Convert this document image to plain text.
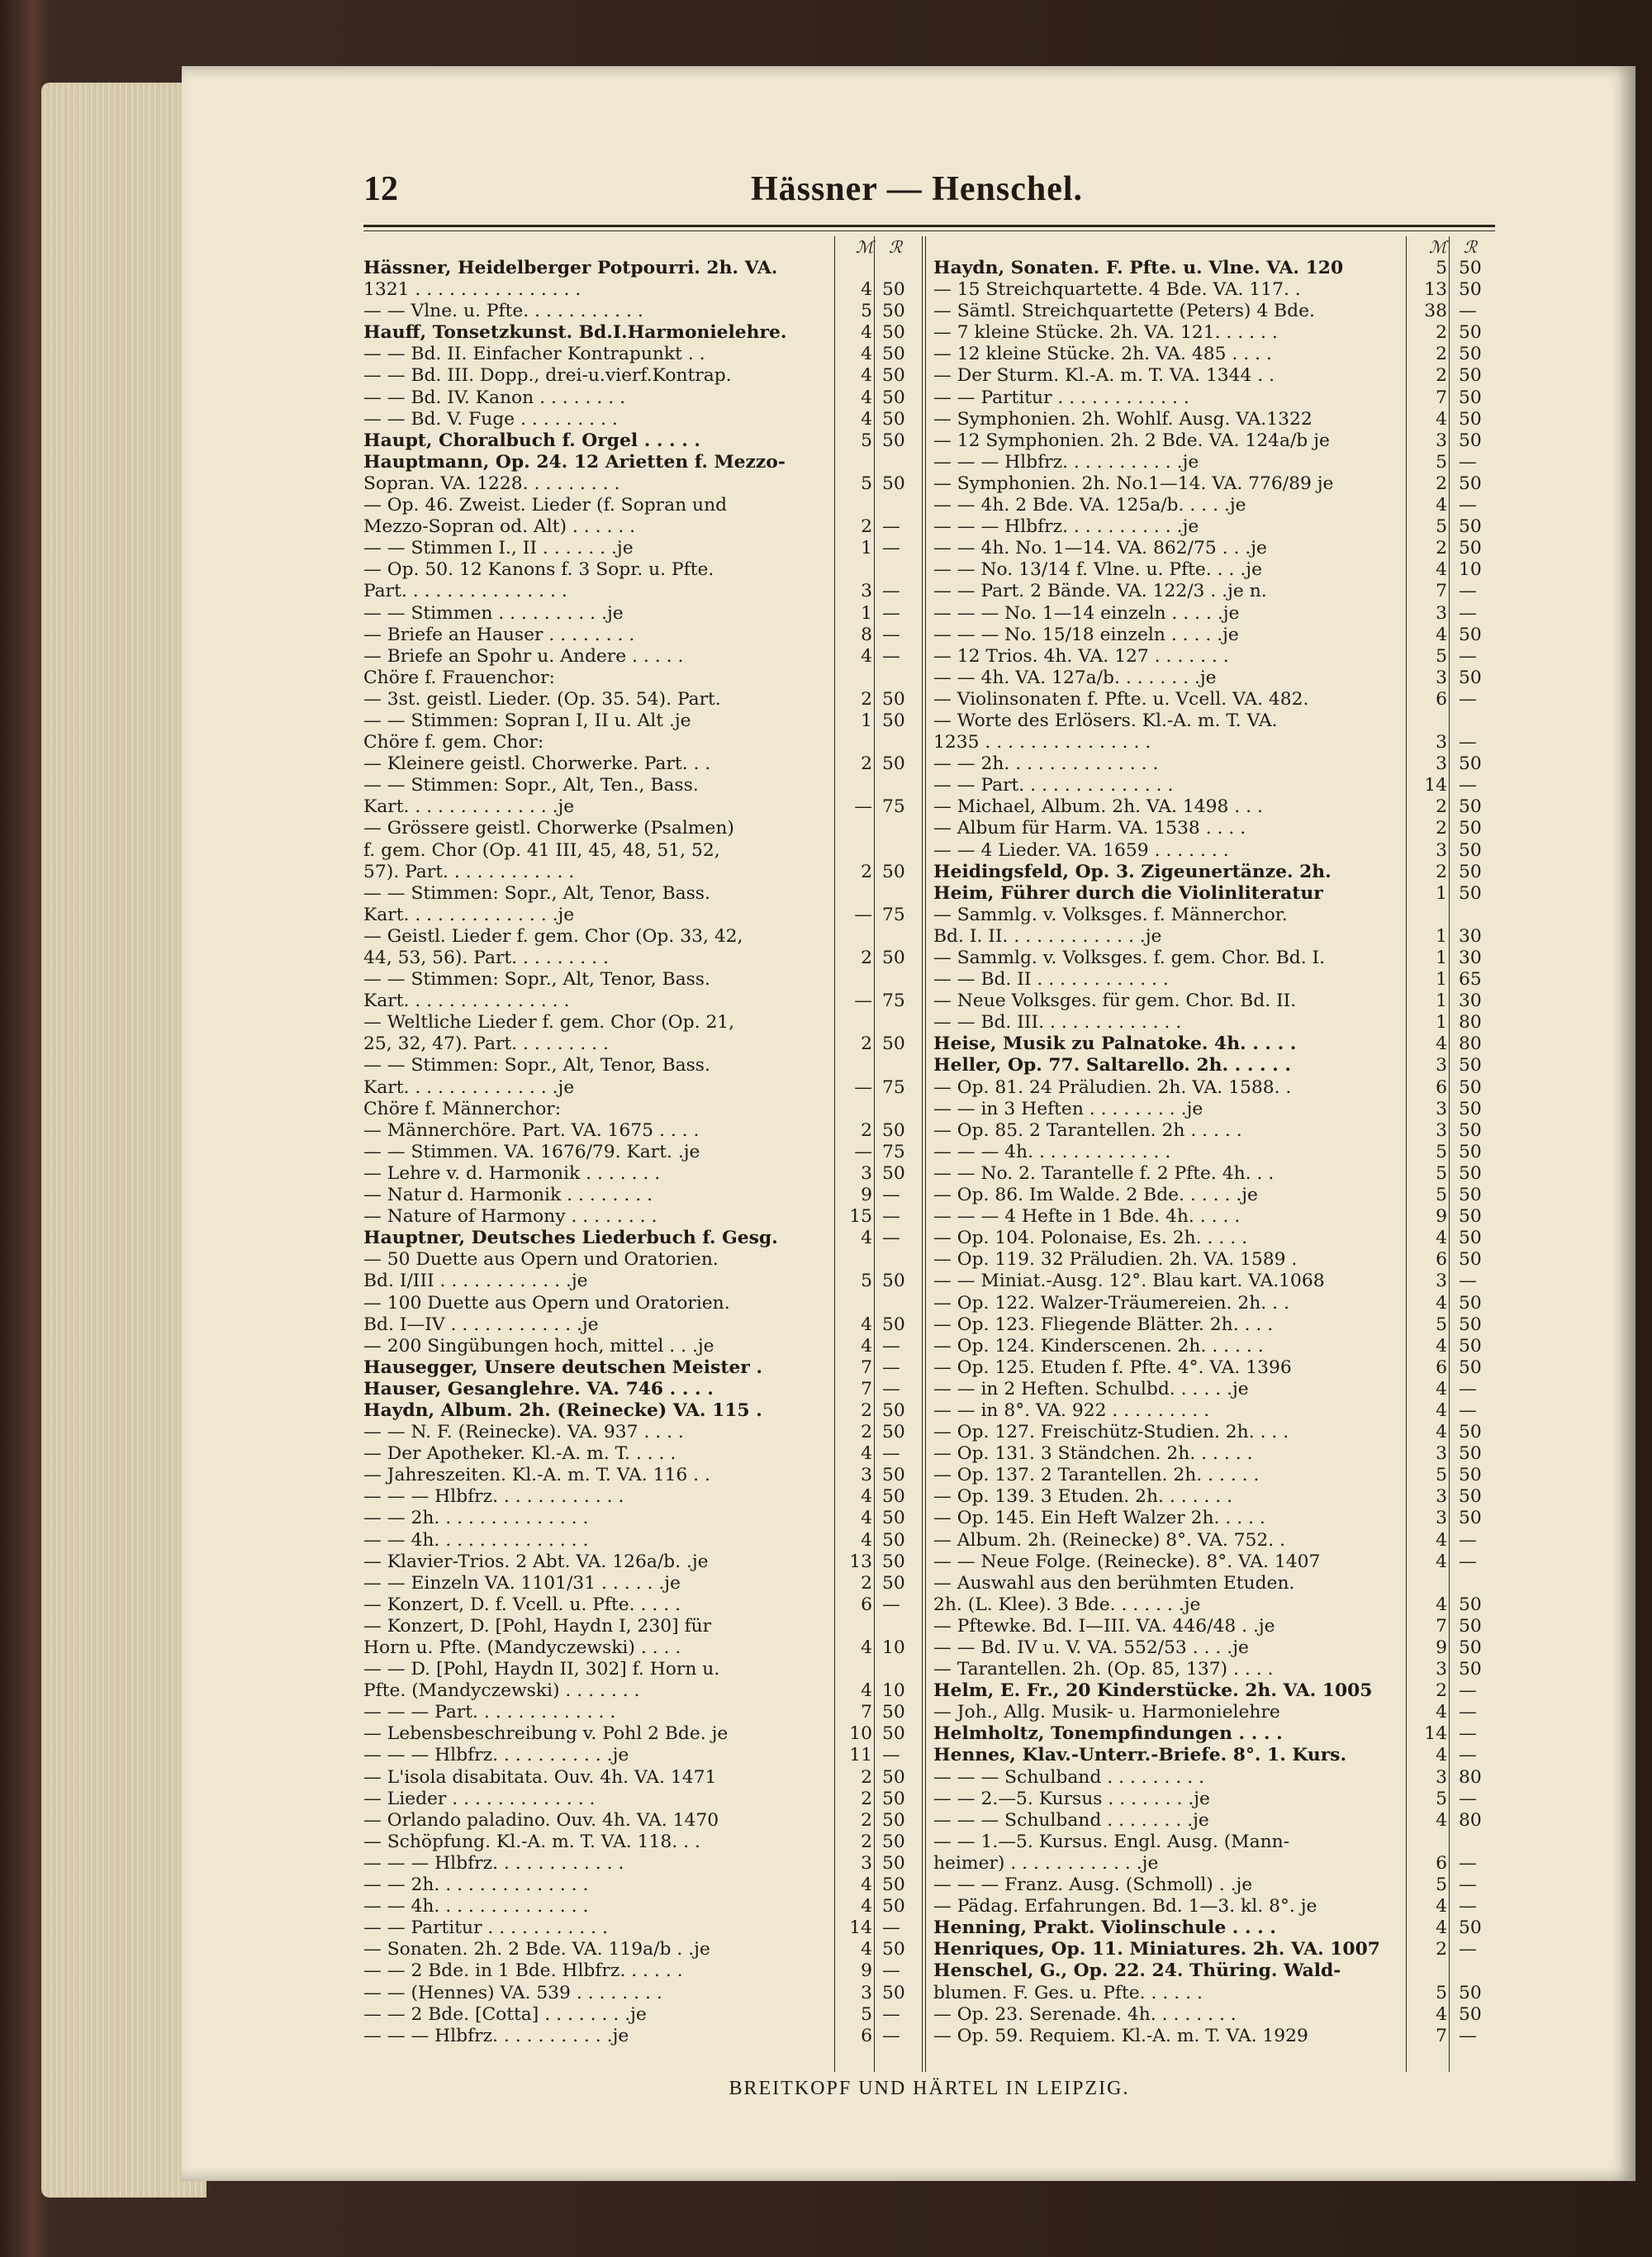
12	Hässner — Henschel.
ℳ ℛ
Hässner, Heidelberger Potpourri. 2h. VA.
1321 . . . . . . . . . . . . . . .	4 50
— — Vlne. u. Pfte. . . . . . . . . . .	5 50
Hauff, Tonsetzkunst. Bd.I.Harmonielehre.	4 50
— — Bd. II. Einfacher Kontrapunkt . .	4 50
— — Bd. III. Dopp., drei-u.vierf.Kontrap.	4 50
— — Bd. IV. Kanon . . . . . . . .	4 50
— — Bd. V. Fuge . . . . . . . . .	4 50
Haupt, Choralbuch f. Orgel . . . . .	5 50
Hauptmann, Op. 24. 12 Arietten f. Mezzo-
Sopran. VA. 1228. . . . . . . . .	5 50
— Op. 46. Zweist. Lieder (f. Sopran und
Mezzo-Sopran od. Alt) . . . . . .	2 —
— — Stimmen I., II . . . . . . .je	1 —
— Op. 50. 12 Kanons f. 3 Sopr. u. Pfte.
Part. . . . . . . . . . . . . . .	3 —
— — Stimmen . . . . . . . . . .je	1 —
— Briefe an Hauser . . . . . . . .	8 —
— Briefe an Spohr u. Andere . . . . .	4 —
Chöre f. Frauenchor:
— 3st. geistl. Lieder. (Op. 35. 54). Part.	2 50
— — Stimmen: Sopran I, II u. Alt .je	1 50
Chöre f. gem. Chor:
— Kleinere geistl. Chorwerke. Part. . .	2 50
— — Stimmen: Sopr., Alt, Ten., Bass.
Kart. . . . . . . . . . . . . .je	— 75
— Grössere geistl. Chorwerke (Psalmen)
f. gem. Chor (Op. 41 III, 45, 48, 51, 52,
57). Part. . . . . . . . . . . .	2 50
— — Stimmen: Sopr., Alt, Tenor, Bass.
Kart. . . . . . . . . . . . . .je	— 75
— Geistl. Lieder f. gem. Chor (Op. 33, 42,
44, 53, 56). Part. . . . . . . . .	2 50
— — Stimmen: Sopr., Alt, Tenor, Bass.
Kart. . . . . . . . . . . . . . .	— 75
— Weltliche Lieder f. gem. Chor (Op. 21,
25, 32, 47). Part. . . . . . . . .	2 50
— — Stimmen: Sopr., Alt, Tenor, Bass.
Kart. . . . . . . . . . . . . .je	— 75
Chöre f. Männerchor:
— Männerchöre. Part. VA. 1675 . . . .	2 50
— — Stimmen. VA. 1676/79. Kart. .je	— 75
— Lehre v. d. Harmonik . . . . . . .	3 50
— Natur d. Harmonik . . . . . . . .	9 —
— Nature of Harmony . . . . . . . .	15 —
Hauptner, Deutsches Liederbuch f. Gesg.	4 —
— 50 Duette aus Opern und Oratorien.
Bd. I/III . . . . . . . . . . . .je	5 50
— 100 Duette aus Opern und Oratorien.
Bd. I—IV . . . . . . . . . . . .je	4 50
— 200 Singübungen hoch, mittel . . .je	4 —
Hausegger, Unsere deutschen Meister .	7 —
Hauser, Gesanglehre. VA. 746 . . . .	7 —
Haydn, Album. 2h. (Reinecke) VA. 115 .	2 50
— — N. F. (Reinecke). VA. 937 . . . .	2 50
— Der Apotheker. Kl.-A. m. T. . . . .	4 —
— Jahreszeiten. Kl.-A. m. T. VA. 116 . .	3 50
— — — Hlbfrz. . . . . . . . . . . .	4 50
— — 2h. . . . . . . . . . . . . .	4 50
— — 4h. . . . . . . . . . . . . .	4 50
— Klavier-Trios. 2 Abt. VA. 126a/b. .je	13 50
— — Einzeln VA. 1101/31 . . . . . .je	2 50
— Konzert, D. f. Vcell. u. Pfte. . . . .	6 —
— Konzert, D. [Pohl, Haydn I, 230] für
Horn u. Pfte. (Mandyczewski) . . . .	4 10
— — D. [Pohl, Haydn II, 302] f. Horn u.
Pfte. (Mandyczewski) . . . . . . .	4 10
— — — Part. . . . . . . . . . . . .	7 50
— Lebensbeschreibung v. Pohl 2 Bde. je	10 50
— — — Hlbfrz. . . . . . . . . . .je	11 —
— L'isola disabitata. Ouv. 4h. VA. 1471	2 50
— Lieder . . . . . . . . . . . . .	2 50
— Orlando paladino. Ouv. 4h. VA. 1470	2 50
— Schöpfung. Kl.-A. m. T. VA. 118. . .	2 50
— — — Hlbfrz. . . . . . . . . . . .	3 50
— — 2h. . . . . . . . . . . . . .	4 50
— — 4h. . . . . . . . . . . . . .	4 50
— — Partitur . . . . . . . . . . .	14 —
— Sonaten. 2h. 2 Bde. VA. 119a/b . .je	4 50
— — 2 Bde. in 1 Bde. Hlbfrz. . . . . .	9 —
— — (Hennes) VA. 539 . . . . . . . .	3 50
— — 2 Bde. [Cotta] . . . . . . . .je	5 —
— — — Hlbfrz. . . . . . . . . . .je	6 —
ℳ ℛ
Haydn, Sonaten. F. Pfte. u. Vlne. VA. 120	5 50
— 15 Streichquartette. 4 Bde. VA. 117. .	13 50
— Sämtl. Streichquartette (Peters) 4 Bde.	38 —
— 7 kleine Stücke. 2h. VA. 121. . . . . .	2 50
— 12 kleine Stücke. 2h. VA. 485 . . . .	2 50
— Der Sturm. Kl.-A. m. T. VA. 1344 . .	2 50
— — Partitur . . . . . . . . . . . .	7 50
— Symphonien. 2h. Wohlf. Ausg. VA.1322	4 50
— 12 Symphonien. 2h. 2 Bde. VA. 124a/b je	3 50
— — — Hlbfrz. . . . . . . . . . .je	5 —
— Symphonien. 2h. No.1—14. VA. 776/89 je	2 50
— — 4h. 2 Bde. VA. 125a/b. . . . .je	4 —
— — — Hlbfrz. . . . . . . . . . .je	5 50
— — 4h. No. 1—14. VA. 862/75 . . .je	2 50
— — No. 13/14 f. Vlne. u. Pfte. . . .je	4 10
— — Part. 2 Bände. VA. 122/3 . .je n.	7 —
— — — No. 1—14 einzeln . . . . .je	3 —
— — — No. 15/18 einzeln . . . . .je	4 50
— 12 Trios. 4h. VA. 127 . . . . . . .	5 —
— — 4h. VA. 127a/b. . . . . . . .je	3 50
— Violinsonaten f. Pfte. u. Vcell. VA. 482.	6 —
— Worte des Erlösers. Kl.-A. m. T. VA.
1235 . . . . . . . . . . . . . . .	3 —
— — 2h. . . . . . . . . . . . . .	3 50
— — Part. . . . . . . . . . . . . .	14 —
— Michael, Album. 2h. VA. 1498 . . .	2 50
— Album für Harm. VA. 1538 . . . .	2 50
— — 4 Lieder. VA. 1659 . . . . . . .	3 50
Heidingsfeld, Op. 3. Zigeunertänze. 2h.	2 50
Heim, Führer durch die Violinliteratur	1 50
— Sammlg. v. Volksges. f. Männerchor.
Bd. I. II. . . . . . . . . . . . .je	1 30
— Sammlg. v. Volksges. f. gem. Chor. Bd. I.	1 30
— — Bd. II . . . . . . . . . . . .	1 65
— Neue Volksges. für gem. Chor. Bd. II.	1 30
— — Bd. III. . . . . . . . . . . . .	1 80
Heise, Musik zu Palnatoke. 4h. . . . .	4 80
Heller, Op. 77. Saltarello. 2h. . . . . .	3 50
— Op. 81. 24 Präludien. 2h. VA. 1588. .	6 50
— — in 3 Heften . . . . . . . . .je	3 50
— Op. 85. 2 Tarantellen. 2h . . . . .	3 50
— — — 4h. . . . . . . . . . . . .	5 50
— — No. 2. Tarantelle f. 2 Pfte. 4h. . .	5 50
— Op. 86. Im Walde. 2 Bde. . . . . .je	5 50
— — — 4 Hefte in 1 Bde. 4h. . . . .	9 50
— Op. 104. Polonaise, Es. 2h. . . . .	4 50
— Op. 119. 32 Präludien. 2h. VA. 1589 .	6 50
— — Miniat.-Ausg. 12°. Blau kart. VA.1068	3 —
— Op. 122. Walzer-Träumereien. 2h. . .	4 50
— Op. 123. Fliegende Blätter. 2h. . . .	5 50
— Op. 124. Kinderscenen. 2h. . . . . .	4 50
— Op. 125. Etuden f. Pfte. 4°. VA. 1396	6 50
— — in 2 Heften. Schulbd. . . . . .je	4 —
— — in 8°. VA. 922 . . . . . . . . .	4 —
— Op. 127. Freischütz-Studien. 2h. . . .	4 50
— Op. 131. 3 Ständchen. 2h. . . . . .	3 50
— Op. 137. 2 Tarantellen. 2h. . . . . .	5 50
— Op. 139. 3 Etuden. 2h. . . . . . .	3 50
— Op. 145. Ein Heft Walzer 2h. . . . .	3 50
— Album. 2h. (Reinecke) 8°. VA. 752. .	4 —
— — Neue Folge. (Reinecke). 8°. VA. 1407	4 —
— Auswahl aus den berühmten Etuden.
2h. (L. Klee). 3 Bde. . . . . . .je	4 50
— Pftewke. Bd. I—III. VA. 446/48 . .je	7 50
— — Bd. IV u. V. VA. 552/53 . . . .je	9 50
— Tarantellen. 2h. (Op. 85, 137) . . . .	3 50
Helm, E. Fr., 20 Kinderstücke. 2h. VA. 1005	2 —
— Joh., Allg. Musik- u. Harmonielehre	4 —
Helmholtz, Tonempfindungen . . . .	14 —
Hennes, Klav.-Unterr.-Briefe. 8°. 1. Kurs.	4 —
— — — Schulband . . . . . . . . .	3 80
— — 2.—5. Kursus . . . . . . . .je	5 —
— — — Schulband . . . . . . . .je	4 80
— — 1.—5. Kursus. Engl. Ausg. (Mann-
heimer) . . . . . . . . . . . .je	6 —
— — — Franz. Ausg. (Schmoll) . .je	5 —
— Pädag. Erfahrungen. Bd. 1—3. kl. 8°. je	4 —
Henning, Prakt. Violinschule . . . .	4 50
Henriques, Op. 11. Miniatures. 2h. VA. 1007	2 —
Henschel, G., Op. 22. 24. Thüring. Wald-
blumen. F. Ges. u. Pfte. . . . . .	5 50
— Op. 23. Serenade. 4h. . . . . . . .	4 50
— Op. 59. Requiem. Kl.-A. m. T. VA. 1929	7 —
BREITKOPF UND HÄRTEL IN LEIPZIG.
